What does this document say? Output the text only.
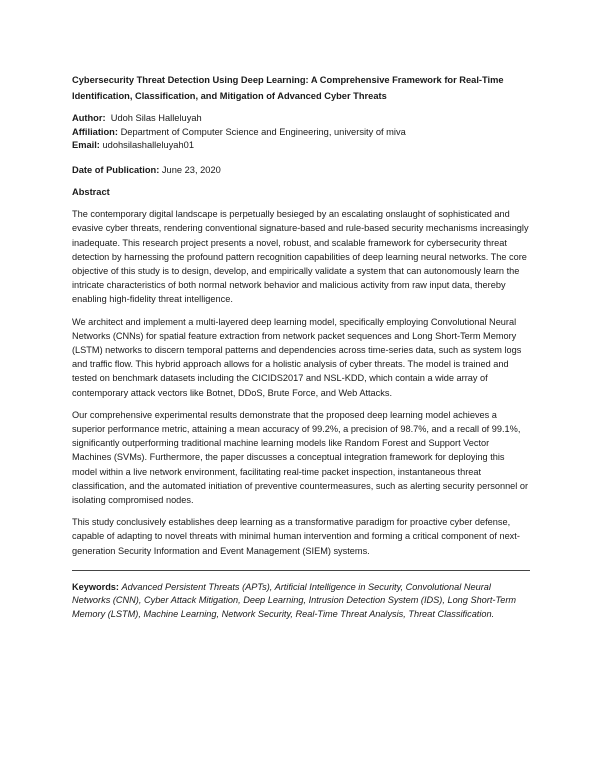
Cybersecurity Threat Detection Using Deep Learning: A Comprehensive Framework for Real-Time Identification, Classification, and Mitigation of Advanced Cyber Threats

Author: Udoh Silas Halleluyah

Affiliation: Department of Computer Science and Engineering, university of miva

Email: udohsilashalleluyah01

Date of Publication: June 23, 2020

Abstract

The contemporary digital landscape is perpetually besieged by an escalating onslaught of sophisticated and evasive cyber threats, rendering conventional signature-based and rule-based security mechanisms increasingly inadequate. This research project presents a novel, robust, and scalable framework for cybersecurity threat detection by harnessing the profound pattern recognition capabilities of deep learning neural networks. The core objective of this study is to design, develop, and empirically validate a system that can autonomously learn the intricate characteristics of both normal network behavior and malicious activity from raw input data, thereby enabling high-fidelity threat intelligence.

We architect and implement a multi-layered deep learning model, specifically employing Convolutional Neural Networks (CNNs) for spatial feature extraction from network packet sequences and Long Short-Term Memory (LSTM) networks to discern temporal patterns and dependencies across time-series data, such as system logs and traffic flow. This hybrid approach allows for a holistic analysis of cyber threats. The model is trained and tested on benchmark datasets including the CICIDS2017 and NSL-KDD, which contain a wide array of contemporary attack vectors like Botnet, DDoS, Brute Force, and Web Attacks.

Our comprehensive experimental results demonstrate that the proposed deep learning model achieves a superior performance metric, attaining a mean accuracy of 99.2%, a precision of 98.7%, and a recall of 99.1%, significantly outperforming traditional machine learning models like Random Forest and Support Vector Machines (SVMs). Furthermore, the paper discusses a conceptual integration framework for deploying this model within a live network environment, facilitating real-time packet inspection, instantaneous threat classification, and the automated initiation of preventive countermeasures, such as alerting security personnel or isolating compromised nodes.

This study conclusively establishes deep learning as a transformative paradigm for proactive cyber defense, capable of adapting to novel threats with minimal human intervention and forming a critical component of next-generation Security Information and Event Management (SIEM) systems.

Keywords: Advanced Persistent Threats (APTs), Artificial Intelligence in Security, Convolutional Neural Networks (CNN), Cyber Attack Mitigation, Deep Learning, Intrusion Detection System (IDS), Long Short-Term Memory (LSTM), Machine Learning, Network Security, Real-Time Threat Analysis, Threat Classification.
